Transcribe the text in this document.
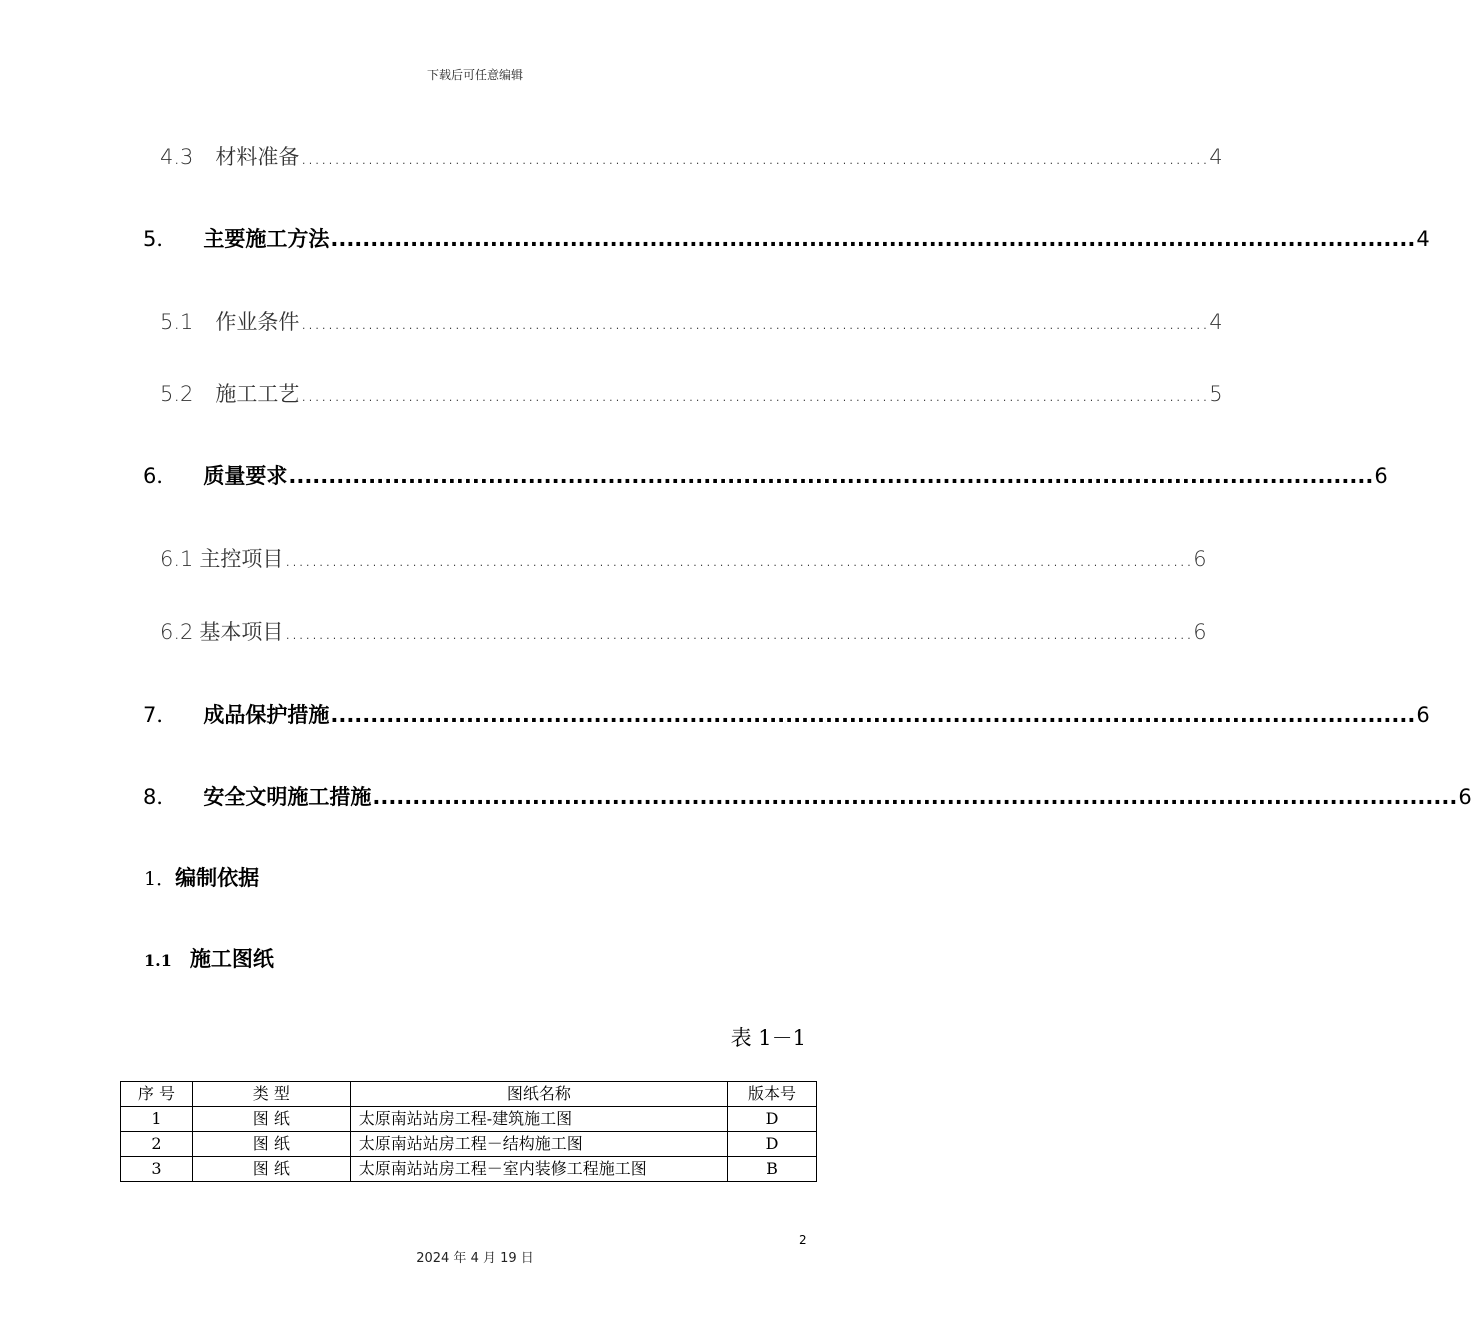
下载后可任意编辑
4.3 材料准备 ........................................................................................................................................ 4
5． 主要施工方法 ........................................................................................................................................ 4
5.1 作业条件 ........................................................................................................................................ 4
5.2 施工工艺 ........................................................................................................................................ 5
6． 质量要求 ........................................................................................................................................ 6
6.1 主控项目 ........................................................................................................................................ 6
6.2 基本项目 ........................................................................................................................................ 6
7． 成品保护措施 ........................................................................................................................................ 6
8． 安全文明施工措施 ........................................................................................................................................ 6
1．编制依据
1.1 施工图纸
表 1－1
序 号	类 型	图纸名称	版本号
1	图 纸	太原南站站房工程-建筑施工图	D
2	图 纸	太原南站站房工程－结构施工图	D
3	图 纸	太原南站站房工程－室内装修工程施工图	B
2
2024 年 4 月 19 日
